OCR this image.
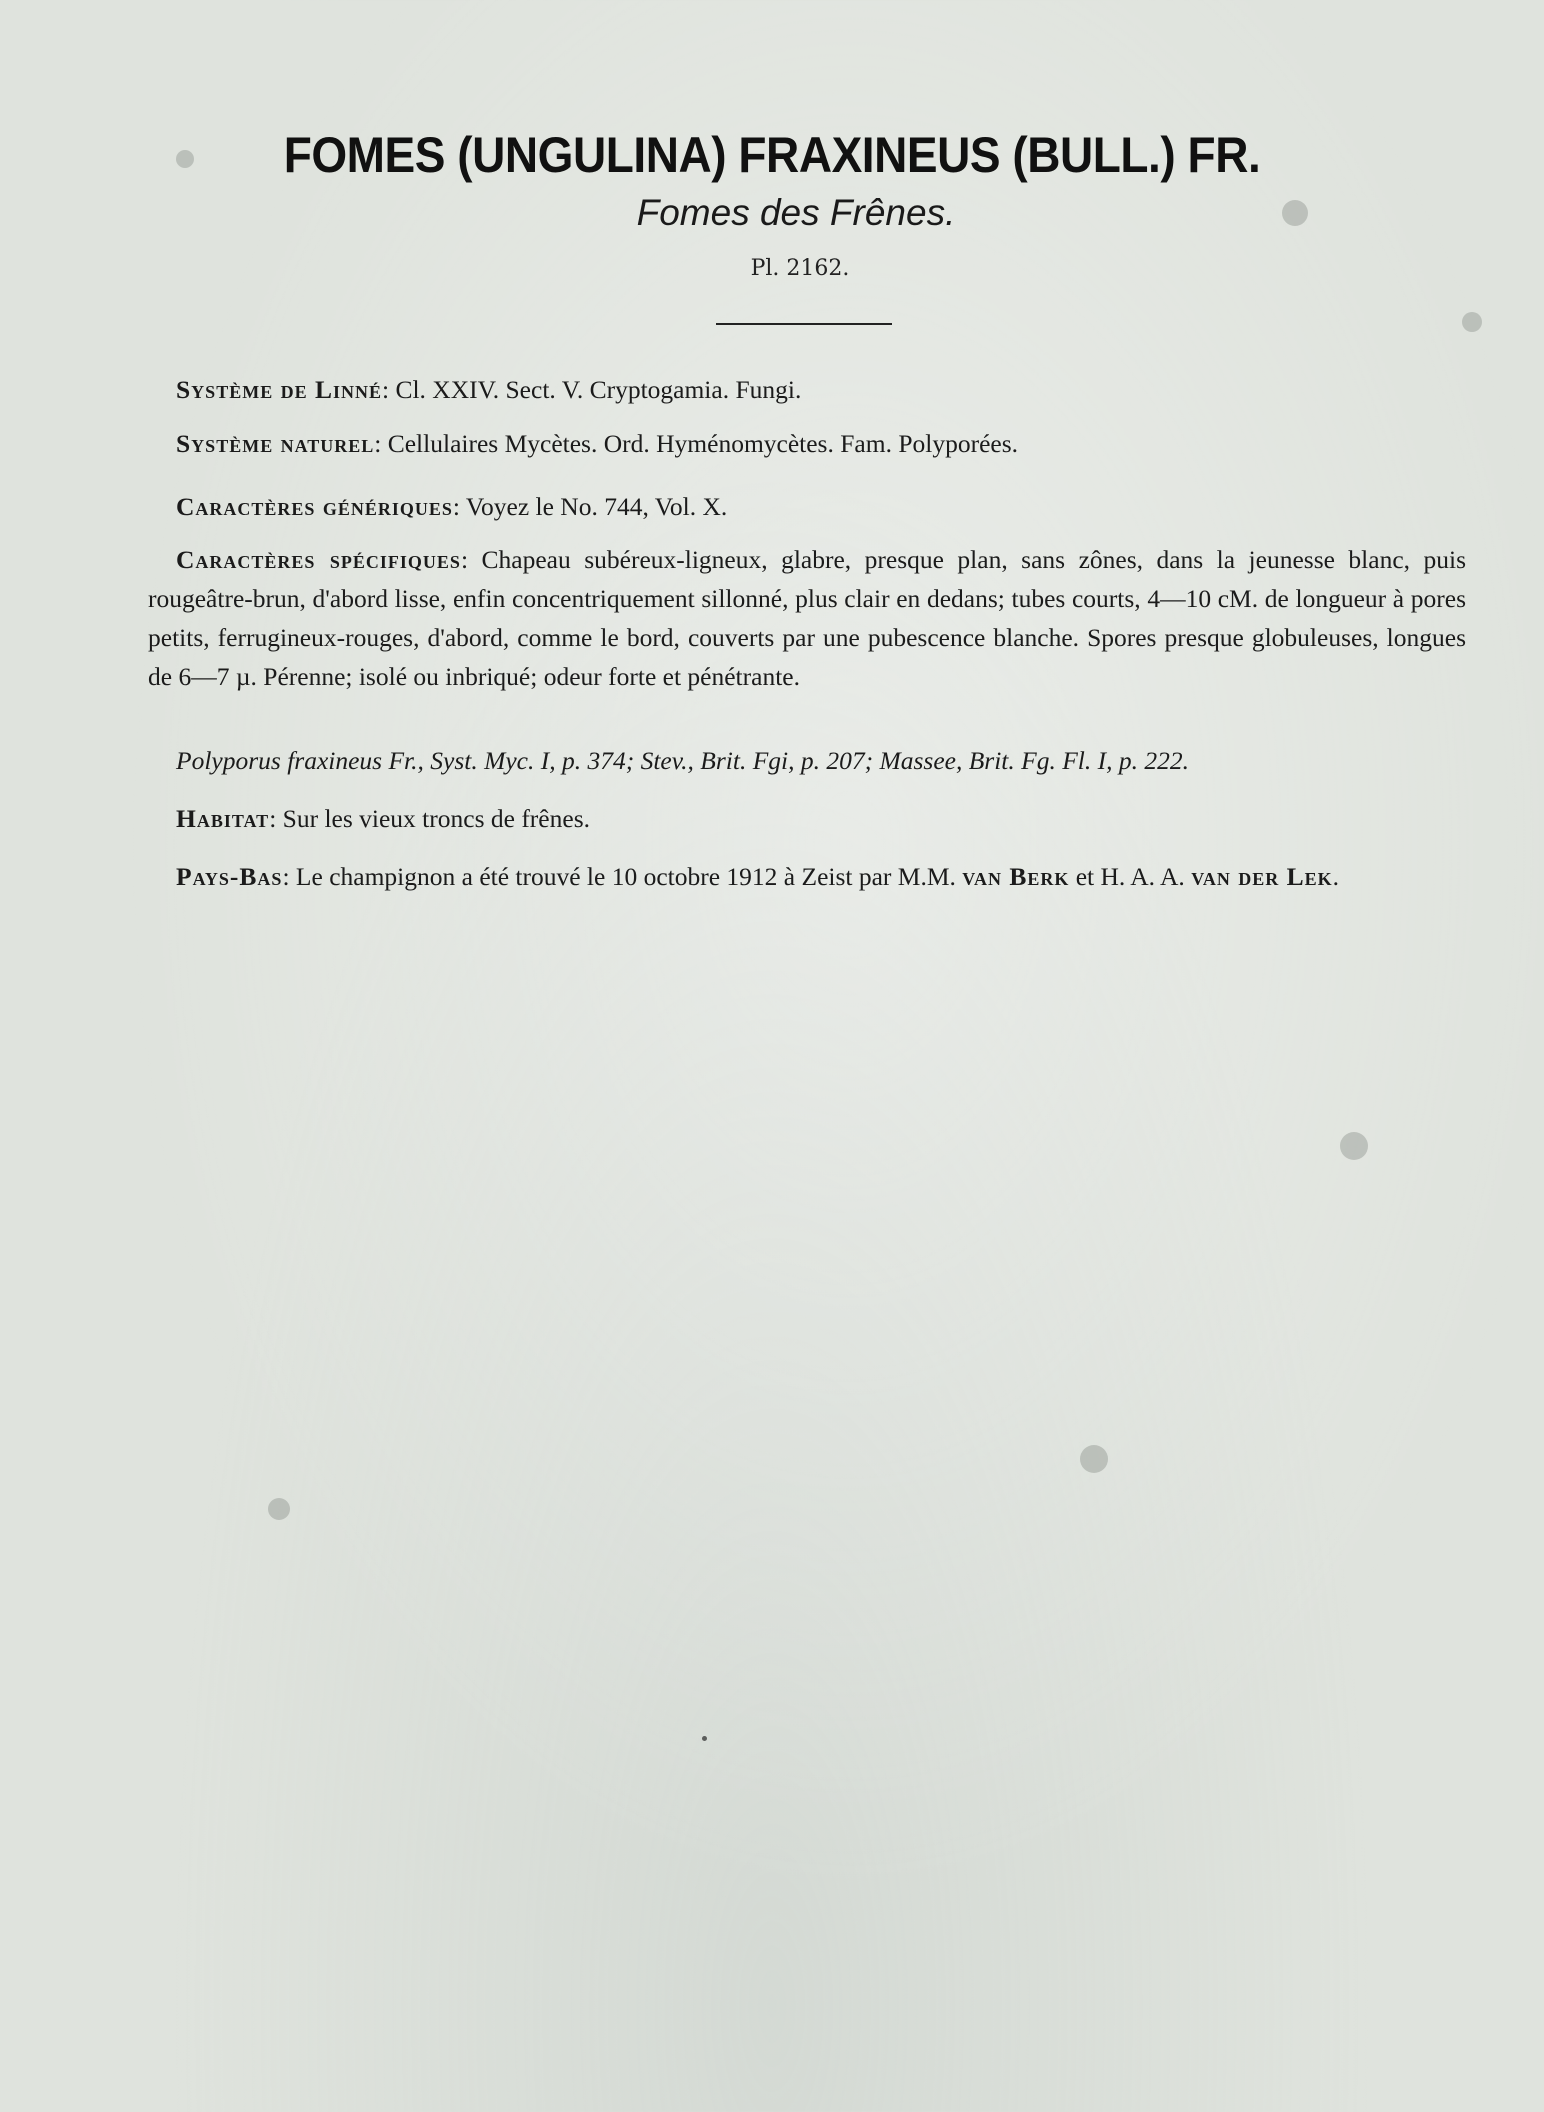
FOMES (UNGULINA) FRAXINEUS (BULL.) FR.
Fomes des Frênes.
Pl. 2162.
Système de Linné: Cl. XXIV. Sect. V. Cryptogamia. Fungi.
Système naturel: Cellulaires Mycètes. Ord. Hyménomycètes. Fam. Polyporées.
Caractères génériques: Voyez le No. 744, Vol. X.
Caractères spécifiques: Chapeau subéreux-ligneux, glabre, presque plan, sans zônes, dans la jeunesse blanc, puis rougeâtre-brun, d'abord lisse, enfin concentriquement sillonné, plus clair en dedans; tubes courts, 4—10 cM. de longueur à pores petits, ferrugineux-rouges, d'abord, comme le bord, couverts par une pubescence blanche. Spores presque globuleuses, longues de 6—7 µ. Pérenne; isolé ou inbriqué; odeur forte et pénétrante.
Polyporus fraxineus Fr., Syst. Myc. I, p. 374; Stev., Brit. Fgi, p. 207; Massee, Brit. Fg. Fl. I, p. 222.
Habitat: Sur les vieux troncs de frênes.
Pays-Bas: Le champignon a été trouvé le 10 octobre 1912 à Zeist par M.M. van Berk et H. A. A. van der Lek.
